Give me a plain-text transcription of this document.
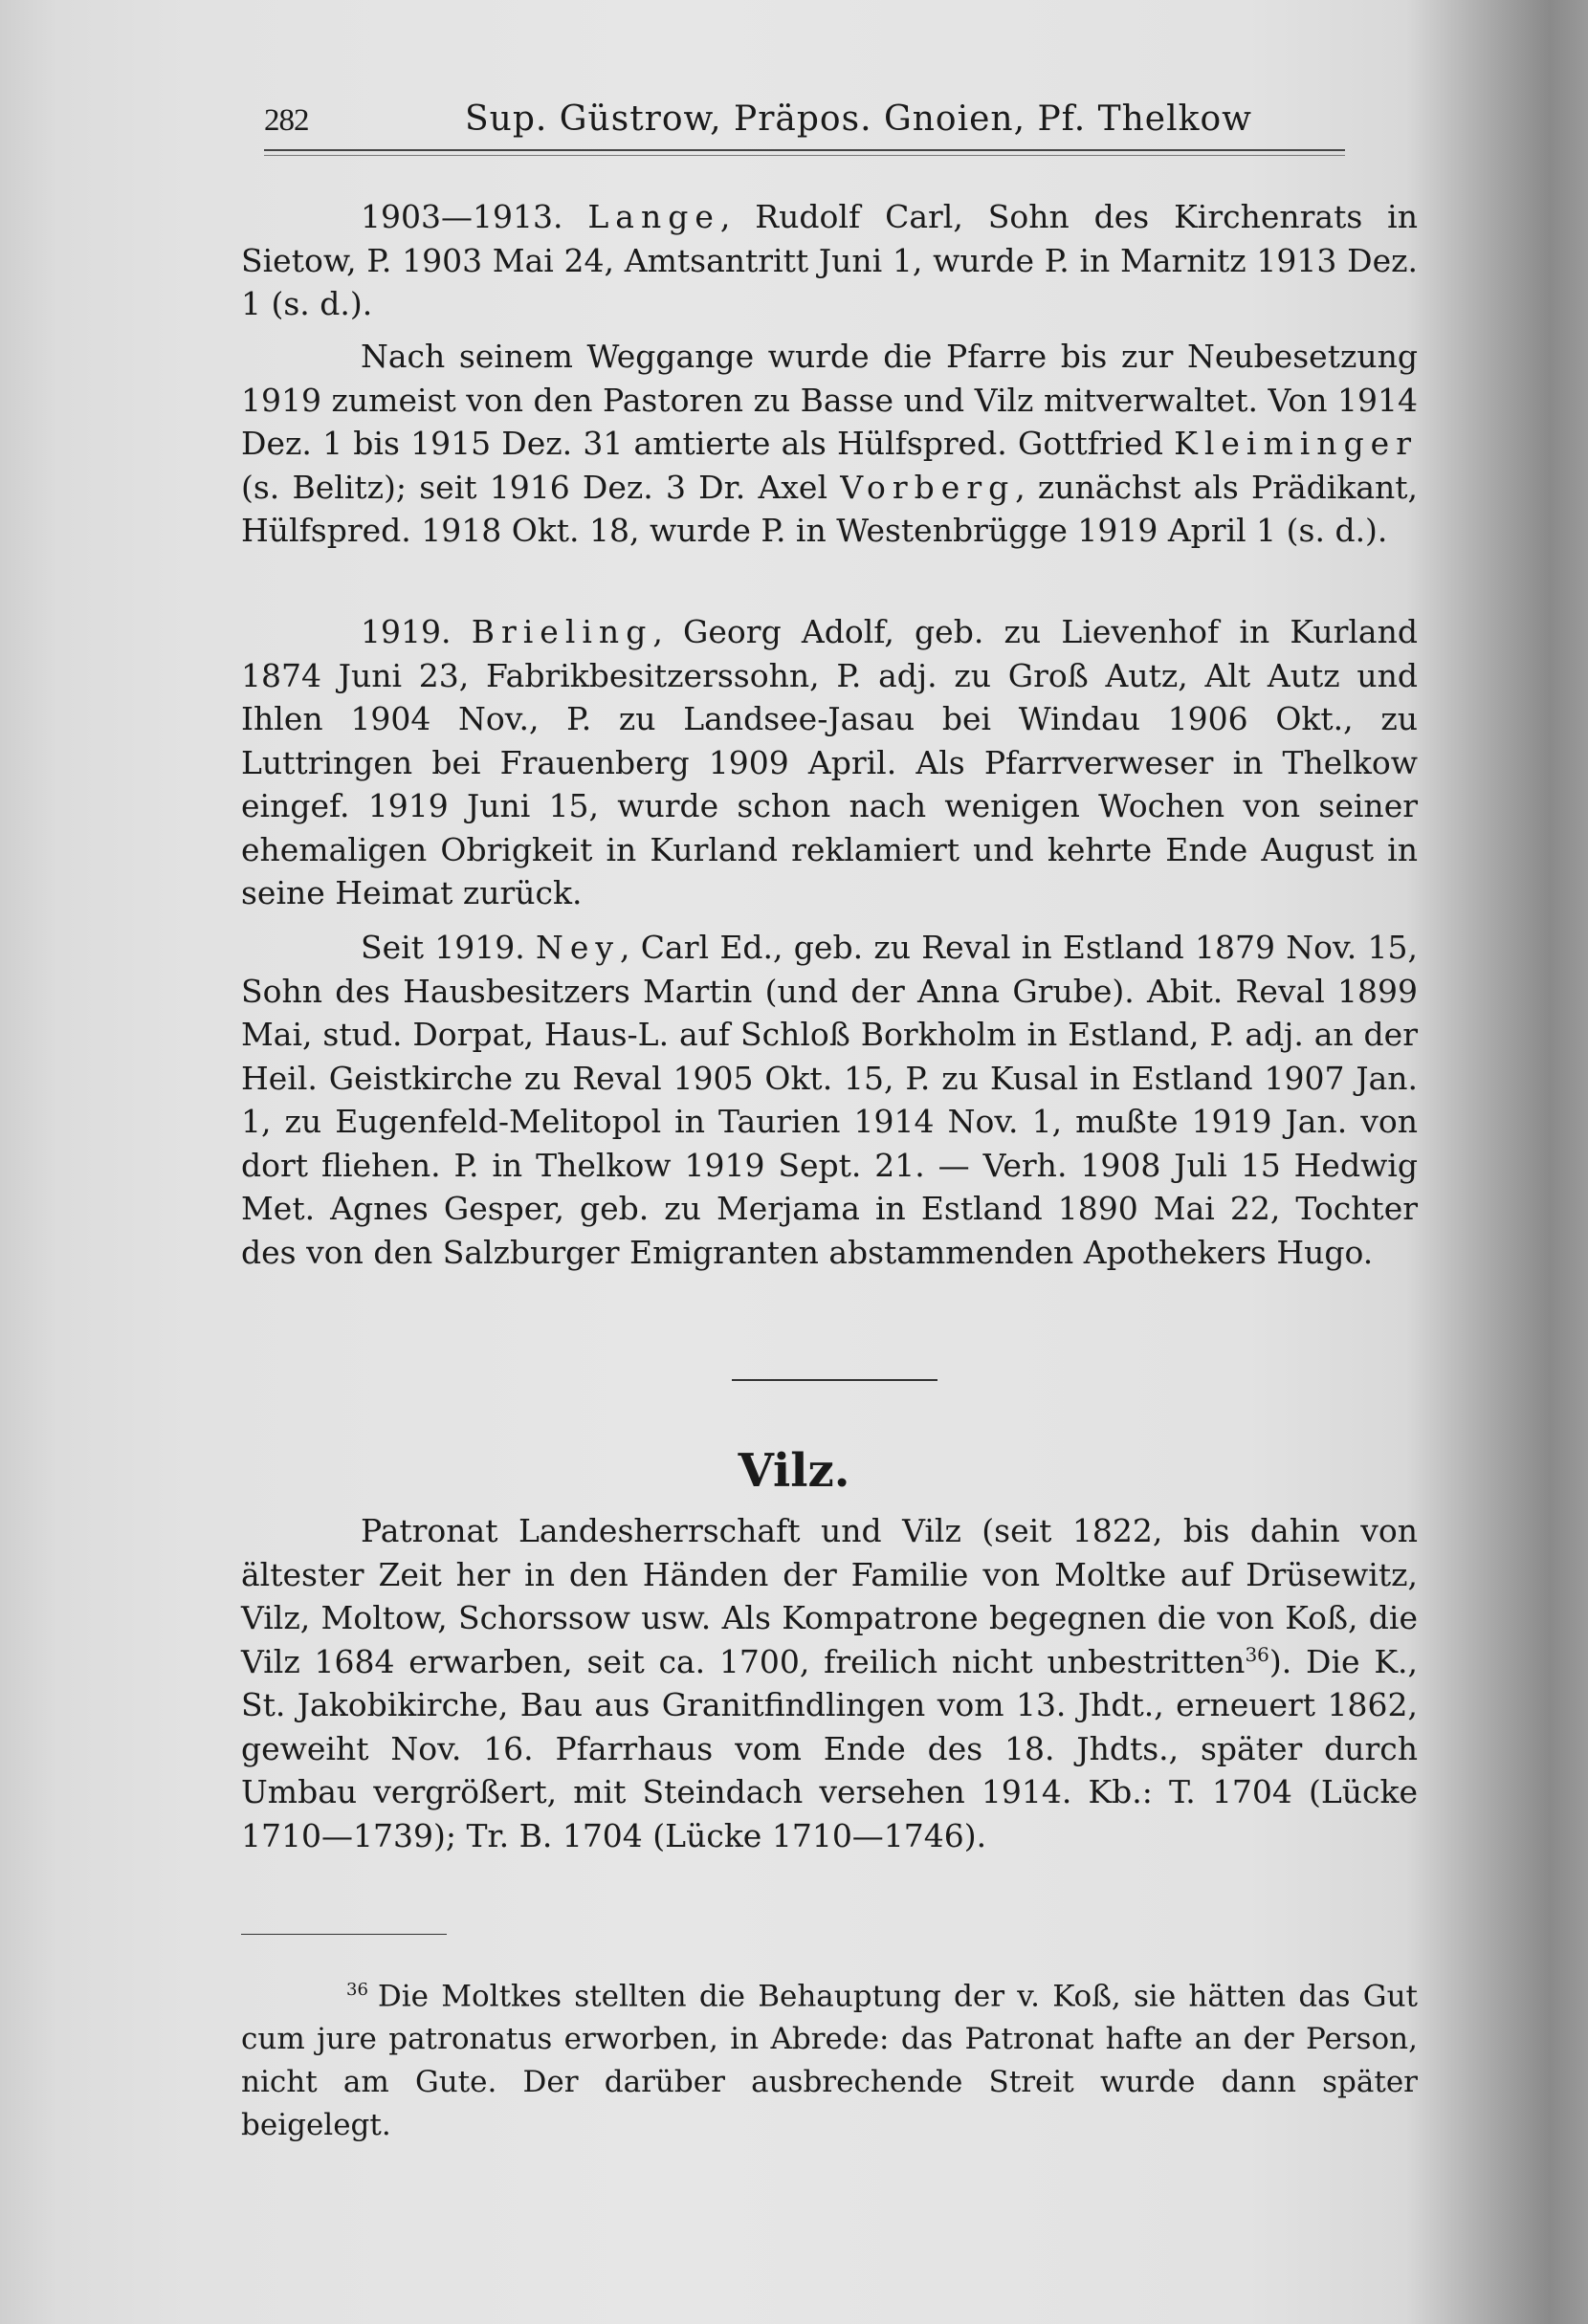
282	Sup. Güstrow, Präpos. Gnoien, Pf. Thelkow

1903—1913. Lange, Rudolf Carl, Sohn des Kirchenrats in Sietow, P. 1903 Mai 24, Amtsantritt Juni 1, wurde P. in Marnitz 1913 Dez. 1 (s. d.).

Nach seinem Weggange wurde die Pfarre bis zur Neubesetzung 1919 zumeist von den Pastoren zu Basse und Vilz mitverwaltet. Von 1914 Dez. 1 bis 1915 Dez. 31 amtierte als Hülfspred. Gottfried Kleiminger (s. Belitz); seit 1916 Dez. 3 Dr. Axel Vorberg, zunächst als Prädikant, Hülfspred. 1918 Okt. 18, wurde P. in Westenbrügge 1919 April 1 (s. d.).

1919. Brieling, Georg Adolf, geb. zu Lievenhof in Kurland 1874 Juni 23, Fabrikbesitzerssohn, P. adj. zu Groß Autz, Alt Autz und Ihlen 1904 Nov., P. zu Landsee-Jasau bei Windau 1906 Okt., zu Luttringen bei Frauenberg 1909 April. Als Pfarrverweser in Thelkow eingef. 1919 Juni 15, wurde schon nach wenigen Wochen von seiner ehemaligen Obrigkeit in Kurland reklamiert und kehrte Ende August in seine Heimat zurück.

Seit 1919. Ney, Carl Ed., geb. zu Reval in Estland 1879 Nov. 15, Sohn des Hausbesitzers Martin (und der Anna Grube). Abit. Reval 1899 Mai, stud. Dorpat, Haus-L. auf Schloß Borkholm in Estland, P. adj. an der Heil. Geistkirche zu Reval 1905 Okt. 15, P. zu Kusal in Estland 1907 Jan. 1, zu Eugenfeld-Melitopol in Taurien 1914 Nov. 1, mußte 1919 Jan. von dort fliehen. P. in Thelkow 1919 Sept. 21. — Verh. 1908 Juli 15 Hedwig Met. Agnes Gesper, geb. zu Merjama in Estland 1890 Mai 22, Tochter des von den Salzburger Emigranten abstammenden Apothekers Hugo.

Vilz.

Patronat Landesherrschaft und Vilz (seit 1822, bis dahin von ältester Zeit her in den Händen der Familie von Moltke auf Drüsewitz, Vilz, Moltow, Schorssow usw. Als Kompatrone begegnen die von Koß, die Vilz 1684 erwarben, seit ca. 1700, freilich nicht unbestritten$^{36}$). Die K., St. Jakobikirche, Bau aus Granitfindlingen vom 13. Jhdt., erneuert 1862, geweiht Nov. 16. Pfarrhaus vom Ende des 18. Jhdts., später durch Umbau vergrößert, mit Steindach versehen 1914. Kb.: T. 1704 (Lücke 1710—1739); Tr. B. 1704 (Lücke 1710—1746).

$^{36}$ Die Moltkes stellten die Behauptung der v. Koß, sie hätten das Gut cum jure patronatus erworben, in Abrede: das Patronat hafte an der Person, nicht am Gute. Der darüber ausbrechende Streit wurde dann später beigelegt.
